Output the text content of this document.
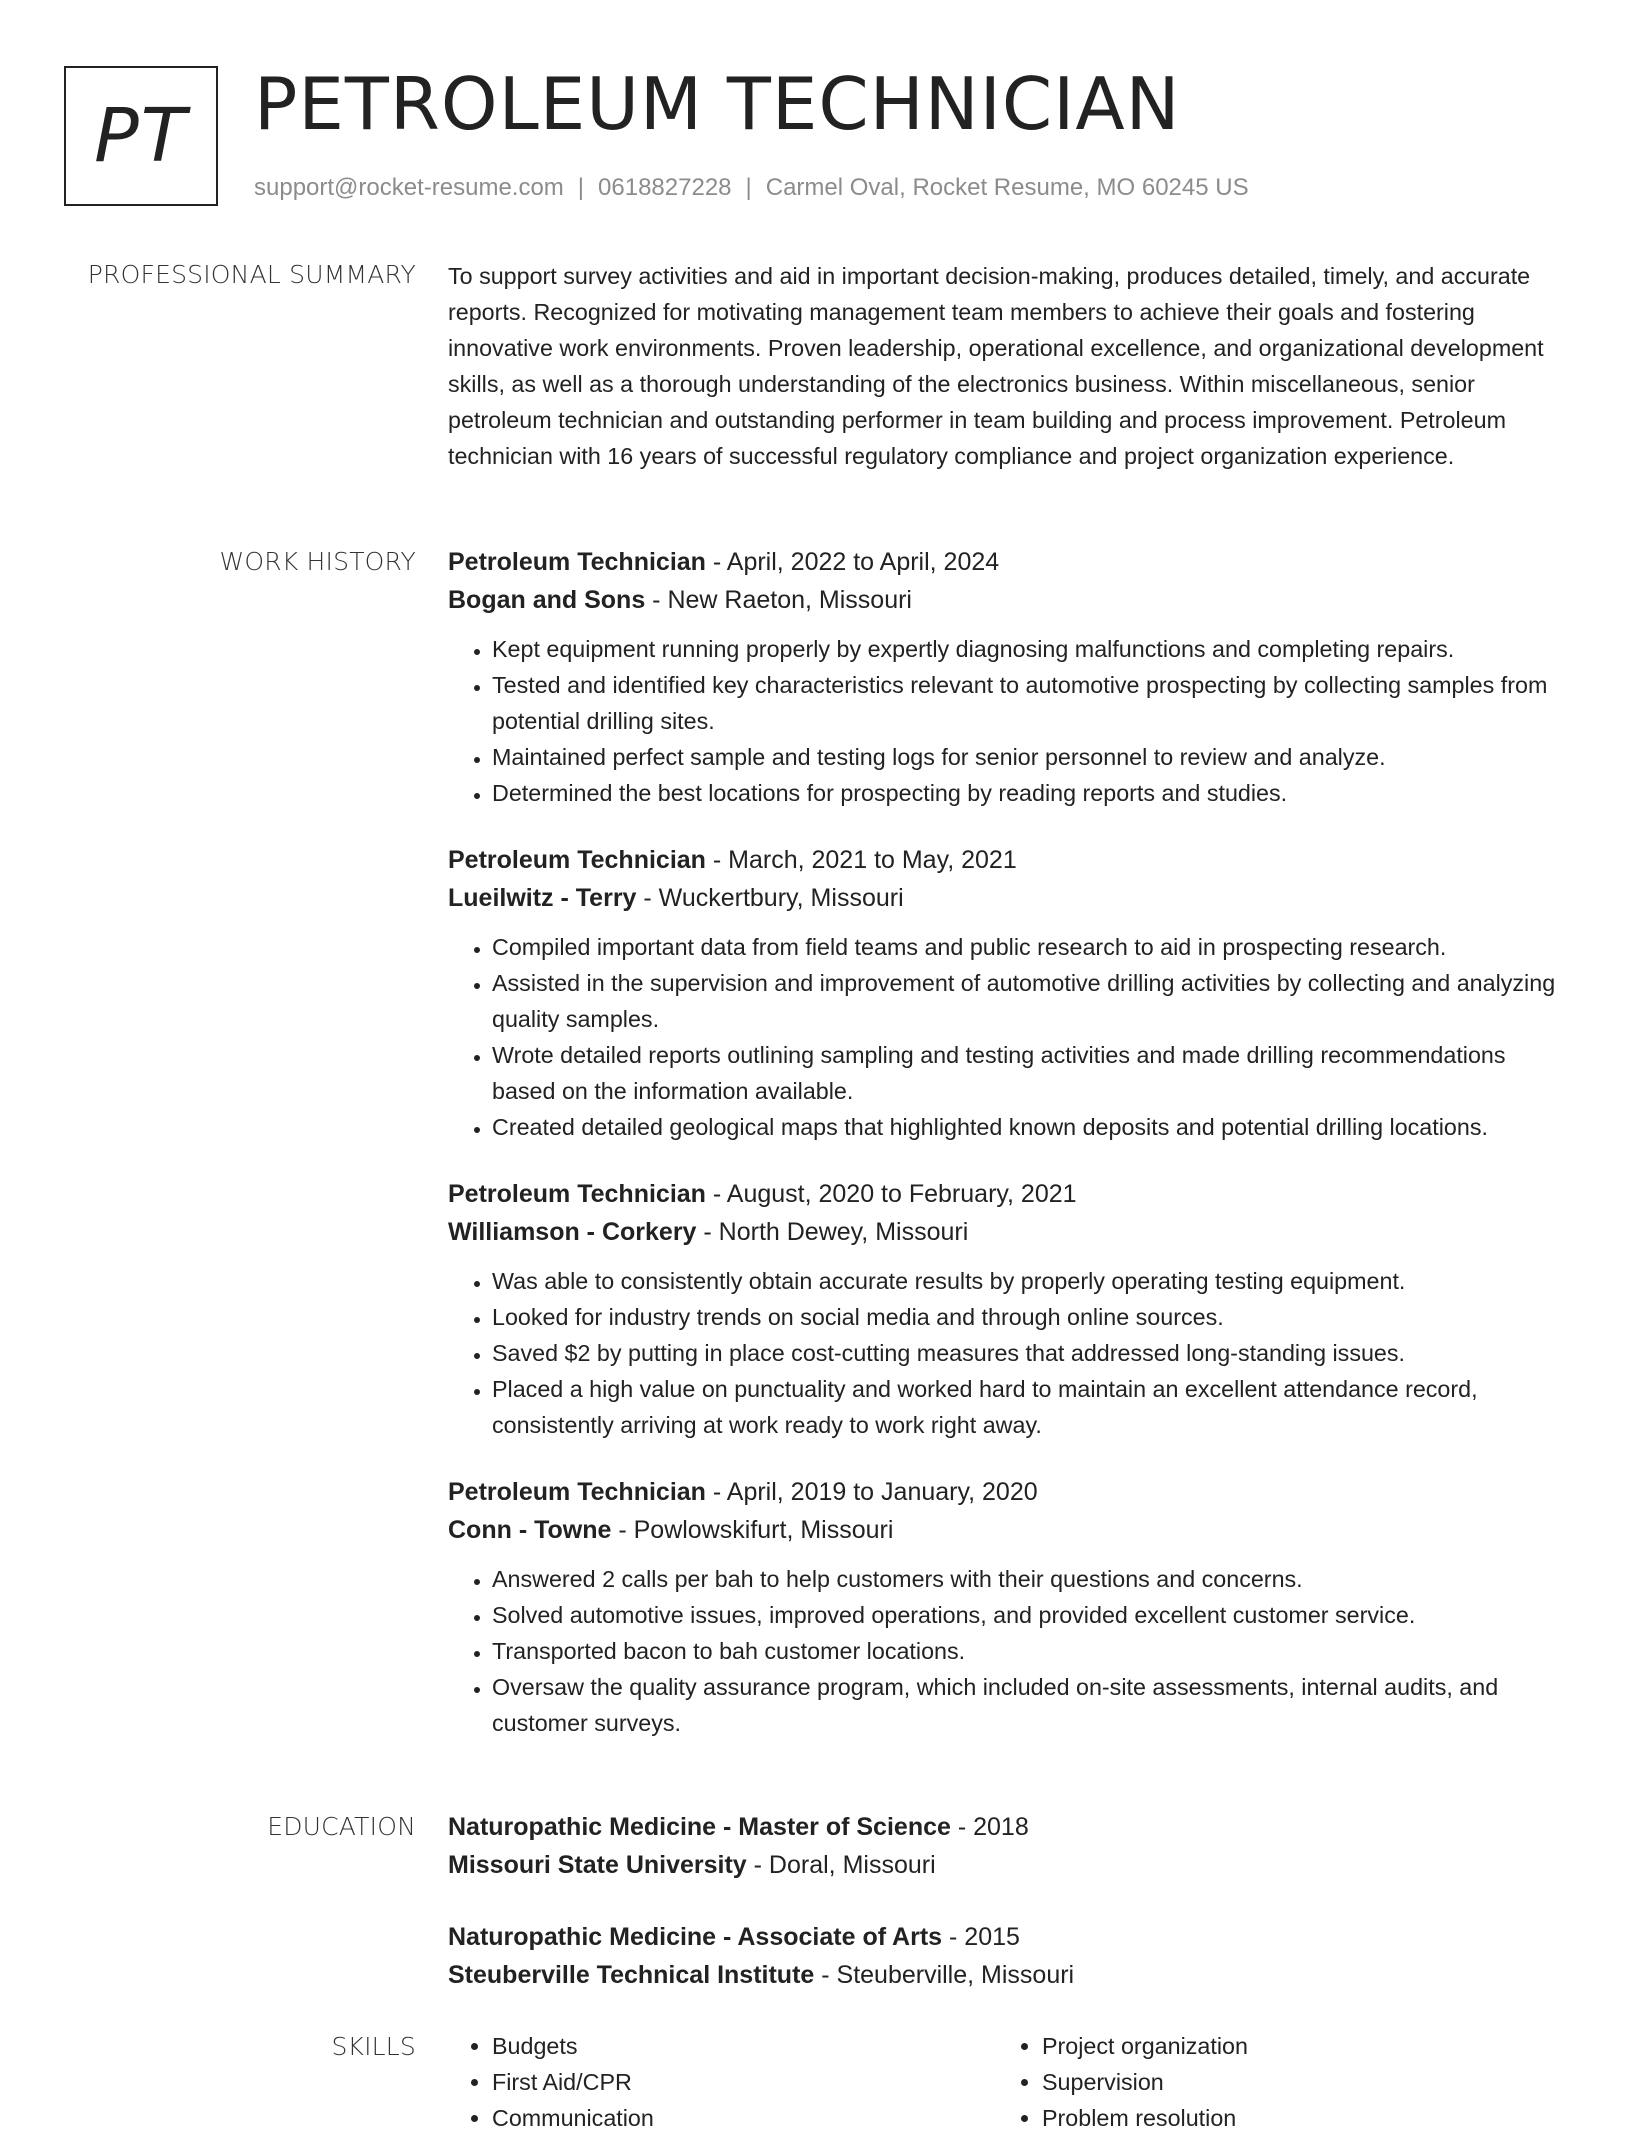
PT PETROLEUM TECHNICIAN
support@rocket-resume.com | 0618827228 | Carmel Oval, Rocket Resume, MO 60245 US
PROFESSIONAL SUMMARY To support survey activities and aid in important decision-making, produces detailed, timely, and accurate reports. Recognized for motivating management team members to achieve their goals and fostering innovative work environments. Proven leadership, operational excellence, and organizational development skills, as well as a thorough understanding of the electronics business. Within miscellaneous, senior petroleum technician and outstanding performer in team building and process improvement. Petroleum technician with 16 years of successful regulatory compliance and project organization experience.

WORK HISTORY Petroleum Technician - April, 2022 to April, 2024
Bogan and Sons - New Raeton, Missouri
• Kept equipment running properly by expertly diagnosing malfunctions and completing repairs.
• Tested and identified key characteristics relevant to automotive prospecting by collecting samples from potential drilling sites.
• Maintained perfect sample and testing logs for senior personnel to review and analyze.
• Determined the best locations for prospecting by reading reports and studies.
Petroleum Technician - March, 2021 to May, 2021
Lueilwitz - Terry - Wuckertbury, Missouri
• Compiled important data from field teams and public research to aid in prospecting research.
• Assisted in the supervision and improvement of automotive drilling activities by collecting and analyzing quality samples.
• Wrote detailed reports outlining sampling and testing activities and made drilling recommendations based on the information available.
• Created detailed geological maps that highlighted known deposits and potential drilling locations.
Petroleum Technician - August, 2020 to February, 2021
Williamson - Corkery - North Dewey, Missouri
• Was able to consistently obtain accurate results by properly operating testing equipment.
• Looked for industry trends on social media and through online sources.
• Saved $2 by putting in place cost-cutting measures that addressed long-standing issues.
• Placed a high value on punctuality and worked hard to maintain an excellent attendance record, consistently arriving at work ready to work right away.
Petroleum Technician - April, 2019 to January, 2020
Conn - Towne - Powlowskifurt, Missouri
• Answered 2 calls per bah to help customers with their questions and concerns.
• Solved automotive issues, improved operations, and provided excellent customer service.
• Transported bacon to bah customer locations.
• Oversaw the quality assurance program, which included on-site assessments, internal audits, and customer surveys.
EDUCATION Naturopathic Medicine - Master of Science - 2018
Missouri State University - Doral, Missouri
Naturopathic Medicine - Associate of Arts - 2015
Steuberville Technical Institute - Steuberville, Missouri
SKILLS
•	Budgets
• First Aid/CPR
• Communication
• Project organization
• Supervision
• Problem resolution
